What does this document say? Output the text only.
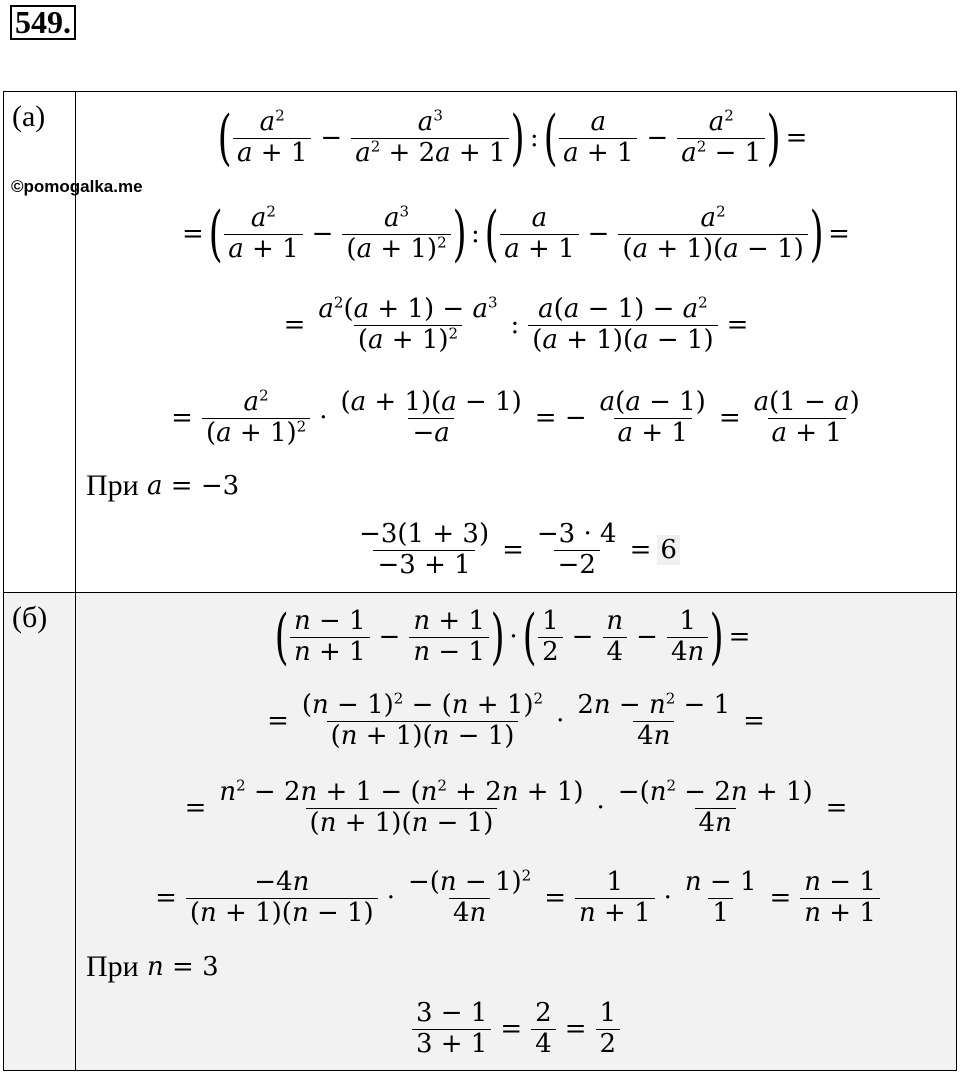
549.
(а)
©pomogalka.me
( $\frac{a^2}{a + 1} - \frac{a^3}{a^2 + 2a + 1}$ ) : ( $\frac{a}{a + 1} - \frac{a^2}{a^2 - 1}$ ) =
= ( $\frac{a^2}{a + 1} - \frac{a^3}{(a + 1)^2}$ ) : ( $\frac{a}{a + 1} - \frac{a^2}{(a + 1)(a - 1)}$ ) =
= $\frac{a^2(a + 1) - a^3}{(a + 1)^2}$ : $\frac{a(a - 1) - a^2}{(a + 1)(a - 1)}$ =
= $\frac{a^2}{(a + 1)^2} \cdot \frac{(a + 1)(a - 1)}{-a}$ = − $\frac{a(a - 1)}{a + 1} = \frac{a(1 - a)}{a + 1}$
При
a
= −3
$\frac{-3(1 + 3)}{-3 + 1} = \frac{-3 \cdot 4}{-2} = 6$
(б)	( $\frac{n - 1}{n + 1} - \frac{n + 1}{n - 1}$ ) · ( $\frac{1}{2} - \frac{n}{4} - \frac{1}{4n}$ ) =
= $\frac{(n - 1)^2 - (n + 1)^2}{(n + 1)(n - 1)} \cdot \frac{2n - n^2 - 1}{4n}$ =
= $\frac{n^2 - 2n + 1 - (n^2 + 2n + 1)}{(n + 1)(n - 1)} \cdot \frac{-(n^2 - 2n + 1)}{4n}$ =
= $\frac{-4n}{(n + 1)(n - 1)} \cdot \frac{-(n - 1)^2}{4n} = \frac{1}{n + 1} \cdot \frac{n - 1}{1} = \frac{n - 1}{n + 1}$
При
n
= 3
$\frac{3 - 1}{3 + 1} = \frac{2}{4} = \frac{1}{2}$
